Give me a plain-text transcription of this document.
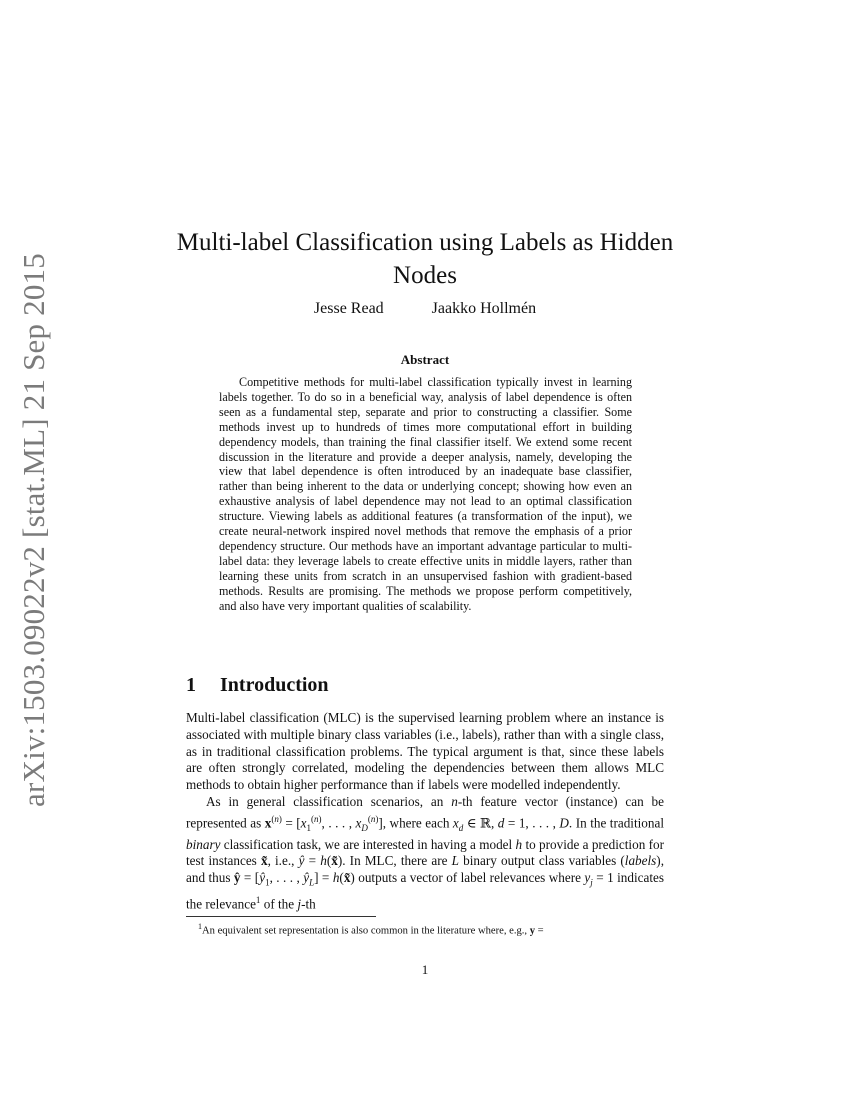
arXiv:1503.09022v2 [stat.ML] 21 Sep 2015
Multi-label Classification using Labels as Hidden Nodes
Jesse Read	Jaakko Hollmén
Abstract

Competitive methods for multi-label classification typically invest in learning labels together. To do so in a beneficial way, analysis of label dependence is often seen as a fundamental step, separate and prior to constructing a classifier. Some methods invest up to hundreds of times more computational effort in building dependency models, than training the final classifier itself. We extend some recent discussion in the literature and provide a deeper analysis, namely, developing the view that label dependence is often introduced by an inadequate base classifier, rather than being inherent to the data or underlying concept; showing how even an exhaustive analysis of label dependence may not lead to an optimal classification structure. Viewing labels as additional features (a transformation of the input), we create neural-network inspired novel methods that remove the emphasis of a prior dependency structure. Our methods have an important advantage particular to multi-label data: they leverage labels to create effective units in middle layers, rather than learning these units from scratch in an unsupervised fashion with gradient-based methods. Results are promising. The methods we propose perform competitively, and also have very important qualities of scalability.

1 Introduction

Multi-label classification (MLC) is the supervised learning problem where an instance is associated with multiple binary class variables (i.e., labels), rather than with a single class, as in traditional classification problems. The typical argument is that, since these labels are often strongly correlated, modeling the dependencies between them allows MLC methods to obtain higher performance than if labels were modelled independently.

As in general classification scenarios, an n-th feature vector (instance) can be represented as $x^{(n)} = [x_1^{(n)}$, . . . , $x_D^{(n)}$], where each $x_d$ ∈ ℝ, d = 1, . . . , D. In the traditional binary classification task, we are interested in having a model h to provide a prediction for test instances x̃, i.e., ŷ = h(x̃). In MLC, there are L binary output class variables (labels), and thus ŷ = [$ŷ_1$, . . . , $ŷ_L$] = h(x̃) outputs a vector of label relevances where $y_j = 1$ indicates the relevance$^1$ of the j-th

$^1$An equivalent set representation is also common in the literature where, e.g., y =
1
